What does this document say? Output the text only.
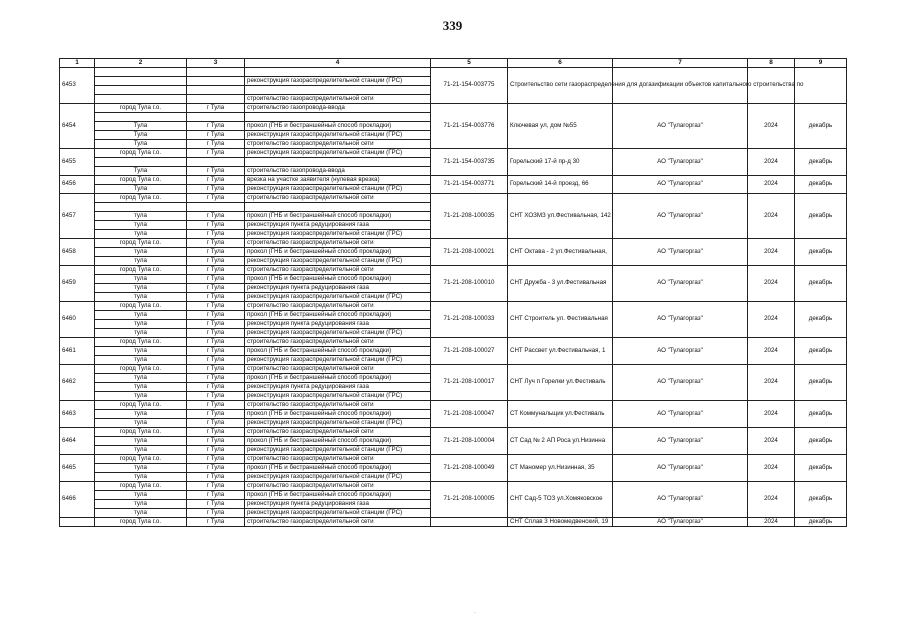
339
1	2	3	4	5	6	7	8	9
6453				71-21-154-003775	Строительство сети газораспределения для догазификации объектов капитального строительства по			
			реконструкция газораспределительной станции (ГРС)					

			строительство газораспределительной сети					
6454	город Тула г.о.	г Тула	строительство газопровода-ввода	71-21-154-003776	Ключевая ул, дом №55	АО "Тулагоргаз"	2024	декабрь

	Тула	г Тула	прокол (ГНБ и бестраншейный способ прокладки)					
	Тула	г Тула	реконструкция газораспределительной станции (ГРС)					
	Тула	г Тула	строительство газораспределительной сети					
6455	город Тула г.о.	г Тула	реконструкция газораспределительной станции (ГРС)	71-21-154-003735	Горельский 17-й пр-д 30	АО "Тулагоргаз"	2024	декабрь

	Тула	г Тула	строительство газопровода-ввода					
6456	город Тула г.о.	г Тула	врезка на участке заявителя (нулевая врезка)	71-21-154-003771	Горельский 14-й проезд, 66	АО "Тулагоргаз"	2024	декабрь
	Тула	г Тула	реконструкция газораспределительной станции (ГРС)					
6457	город Тула г.о.	г Тула	строительство газораспределительной сети	71-21-208-100035	СНТ ХОЗМЗ ул.Фестивальная, 142	АО "Тулагоргаз"	2024	декабрь

	тула	г Тула	прокол (ГНБ и бестраншейный способ прокладки)					
	тула	г Тула	реконструкция пункта редуцирования газа					
	тула	г Тула	реконструкция газораспределительной станции (ГРС)					
6458	город Тула г.о.	г Тула	строительство газораспределительной сети	71-21-208-100021	СНТ Октава - 2 ул.Фестивальная,	АО "Тулагоргаз"	2024	декабрь
	тула	г Тула	прокол (ГНБ и бестраншейный способ прокладки)					
	тула	г Тула	реконструкция газораспределительной станции (ГРС)					
6459	город Тула г.о.	г Тула	строительство газораспределительной сети	71-21-208-100010	СНТ Дружба - 3 ул.Фестивальная	АО "Тулагоргаз"	2024	декабрь
	тула	г Тула	прокол (ГНБ и бестраншейный способ прокладки)					
	тула	г Тула	реконструкция пункта редуцирования газа					
	тула	г Тула	реконструкция газораспределительной станции (ГРС)					
6460	город Тула г.о.	г Тула	строительство газораспределительной сети	71-21-208-100033	СНТ Строитель ул. Фестивальная	АО "Тулагоргаз"	2024	декабрь
	тула	г Тула	прокол (ГНБ и бестраншейный способ прокладки)					
	тула	г Тула	реконструкция пункта редуцирования газа					
	тула	г Тула	реконструкция газораспределительной станции (ГРС)					
6461	город Тула г.о.	г Тула	строительство газораспределительной сети	71-21-208-100027	СНТ Рассвет ул.Фестивальная, 1	АО "Тулагоргаз"	2024	декабрь
	тула	г Тула	прокол (ГНБ и бестраншейный способ прокладки)					
	тула	г Тула	реконструкция газораспределительной станции (ГРС)					
6462	город Тула г.о.	г Тула	строительство газораспределительной сети	71-21-208-100017	СНТ Луч п Горелки ул.Фестиваль	АО "Тулагоргаз"	2024	декабрь
	тула	г Тула	прокол (ГНБ и бестраншейный способ прокладки)					
	тула	г Тула	реконструкция пункта редуцирования газа					
	тула	г Тула	реконструкция газораспределительной станции (ГРС)					
6463	город Тула г.о.	г Тула	строительство газораспределительной сети	71-21-208-100047	СТ Коммунальщик ул.Фестиваль	АО "Тулагоргаз"	2024	декабрь
	тула	г Тула	прокол (ГНБ и бестраншейный способ прокладки)					
	тула	г Тула	реконструкция газораспределительной станции (ГРС)					
6464	город Тула г.о.	г Тула	строительство газораспределительной сети	71-21-208-100004	СТ Сад № 2 АП Роса ул.Низинна	АО "Тулагоргаз"	2024	декабрь
	тула	г Тула	прокол (ГНБ и бестраншейный способ прокладки)					
	тула	г Тула	реконструкция газораспределительной станции (ГРС)					
6465	город Тула г.о.	г Тула	строительство газораспределительной сети	71-21-208-100049	СТ Маномер ул.Низинная, 35	АО "Тулагоргаз"	2024	декабрь
	тула	г Тула	прокол (ГНБ и бестраншейный способ прокладки)					
	тула	г Тула	реконструкция газораспределительной станции (ГРС)					
6466	город Тула г.о.	г Тула	строительство газораспределительной сети	71-21-208-100005	СНТ Сад-5 ТОЗ ул.Хомяковское	АО "Тулагоргаз"	2024	декабрь
	тула	г Тула	прокол (ГНБ и бестраншейный способ прокладки)					
	тула	г Тула	реконструкция пункта редуцирования газа					
	тула	г Тула	реконструкция газораспределительной станции (ГРС)					
	город Тула г.о.	г Тула	строительство газораспределительной сети		СНТ Сплав 3 Новомедвенский, 19	АО "Тулагоргаз"	2024	декабрь
·
